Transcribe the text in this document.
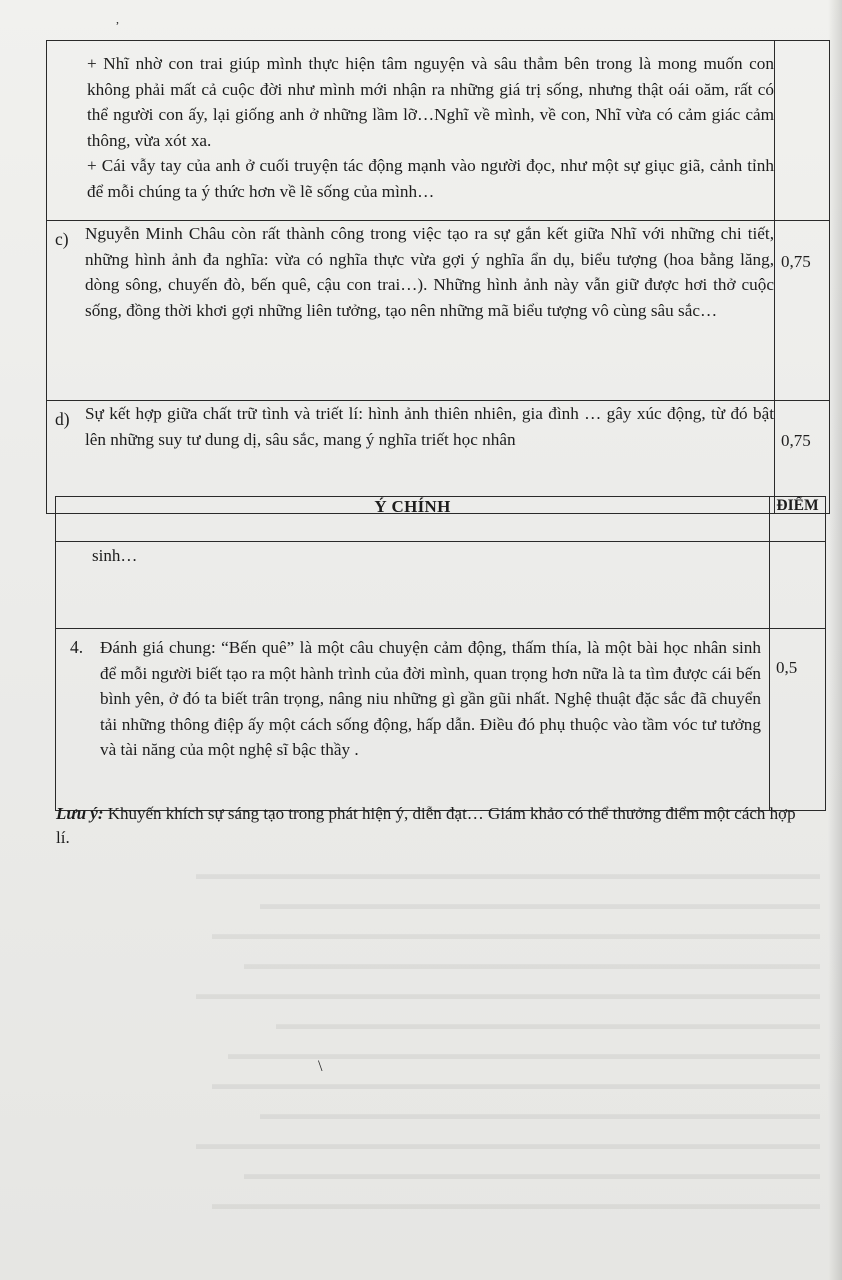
▬▬▬▬▬▬▬▬▬▬▬▬▬▬▬▬▬▬▬▬▬▬▬▬▬▬▬▬▬▬▬▬▬▬▬▬▬▬▬
▬▬▬▬▬▬▬▬▬▬▬▬▬▬▬▬▬▬▬▬▬▬▬▬▬▬▬▬▬▬▬▬▬▬▬
▬▬▬▬▬▬▬▬▬▬▬▬▬▬▬▬▬▬▬▬▬▬▬▬▬▬▬▬▬▬▬▬▬▬▬▬▬▬
▬▬▬▬▬▬▬▬▬▬▬▬▬▬▬▬▬▬▬▬▬▬▬▬▬▬▬▬▬▬▬▬▬▬▬▬
▬▬▬▬▬▬▬▬▬▬▬▬▬▬▬▬▬▬▬▬▬▬▬▬▬▬▬▬▬▬▬▬▬▬▬▬▬▬▬
▬▬▬▬▬▬▬▬▬▬▬▬▬▬▬▬▬▬▬▬▬▬▬▬▬▬▬▬▬▬▬▬▬▬
▬▬▬▬▬▬▬▬▬▬▬▬▬▬▬▬▬▬▬▬▬▬▬▬▬▬▬▬▬▬▬▬▬▬▬▬▬
▬▬▬▬▬▬▬▬▬▬▬▬▬▬▬▬▬▬▬▬▬▬▬▬▬▬▬▬▬▬▬▬▬▬▬▬▬▬
▬▬▬▬▬▬▬▬▬▬▬▬▬▬▬▬▬▬▬▬▬▬▬▬▬▬▬▬▬▬▬▬▬▬▬
▬▬▬▬▬▬▬▬▬▬▬▬▬▬▬▬▬▬▬▬▬▬▬▬▬▬▬▬▬▬▬▬▬▬▬▬▬▬▬
▬▬▬▬▬▬▬▬▬▬▬▬▬▬▬▬▬▬▬▬▬▬▬▬▬▬▬▬▬▬▬▬▬▬▬▬
▬▬▬▬▬▬▬▬▬▬▬▬▬▬▬▬▬▬▬▬▬▬▬▬▬▬▬▬▬▬▬▬▬▬▬▬▬▬

+ Nhĩ nhờ con trai giúp mình thực hiện tâm nguyện và sâu thẳm bên trong là mong muốn con không phải mất cả cuộc đời như mình mới nhận ra những giá trị sống, nhưng thật oái oăm, rất có thể người con ấy, lại giống anh ở những lầm lỡ…Nghĩ về mình, về con, Nhĩ vừa có cảm giác cảm thông, vừa xót xa.

+ Cái vẫy tay của anh ở cuối truyện tác động mạnh vào người đọc, như một sự giục giã, cảnh tỉnh để mỗi chúng ta ý thức hơn về lẽ sống của mình…	

c) Nguyễn Minh Châu còn rất thành công trong việc tạo ra sự gắn kết giữa Nhĩ với những chi tiết, những hình ảnh đa nghĩa: vừa có nghĩa thực vừa gợi ý nghĩa ẩn dụ, biểu tượng (hoa bằng lăng, dòng sông, chuyến đò, bến quê, cậu con trai…). Những hình ảnh này vẫn giữ được hơi thở cuộc sống, đồng thời khơi gợi những liên tưởng, tạo nên những mã biểu tượng vô cùng sâu sắc…	0,75

d) Sự kết hợp giữa chất trữ tình và triết lí: hình ảnh thiên nhiên, gia đình … gây xúc động, từ đó bật lên những suy tư dung dị, sâu sắc, mang ý nghĩa triết học nhân	0,75
Ý CHÍNH	ĐIỂM

sinh…	

4. Đánh giá chung: “Bến quê” là một câu chuyện cảm động, thấm thía, là một bài học nhân sinh để mỗi người biết tạo ra một hành trình của đời mình, quan trọng hơn nữa là ta tìm được cái bến bình yên, ở đó ta biết trân trọng, nâng niu những gì gần gũi nhất. Nghệ thuật đặc sắc đã chuyển tải những thông điệp ấy một cách sống động, hấp dẫn. Điều đó phụ thuộc vào tầm vóc tư tưởng và tài năng của một nghệ sĩ bậc thầy .	0,5

Lưu ý: Khuyến khích sự sáng tạo trong phát hiện ý, diễn đạt… Giám khảo có thể thưởng điểm một cách hợp lí.

,
\
